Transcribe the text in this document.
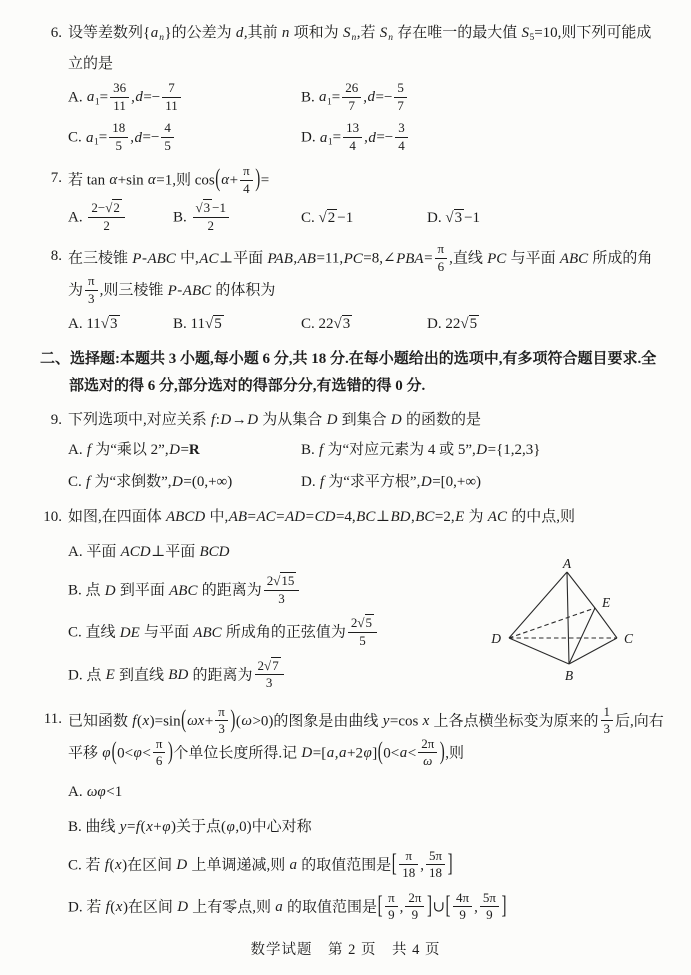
6. 设等差数列$\{a_n\}$的公差为 d,其前 n 项和为 $S_n$,若 $S_n$ 存在唯一的最大值 $S_5=10$,则下列可能成立的是
A. $a_1= \frac{36}{11} ,d=- \frac{7}{11}$	B. $a_1= \frac{26}{7} ,d=- \frac{5}{7}$
C. $a_1= \frac{18}{5} ,d=- \frac{4}{5}$	D. $a_1= \frac{13}{4} ,d=- \frac{3}{4}$
7. 若 tan α+sin α=1,则 $\cos(\alpha+ \frac{\pi}{4}$ )=
A. $\frac{2-√2}{2}$	B. $\frac{√3 -1}{2}$	C. √2 −1	D. √3 −1
8. 在三棱锥 P-ABC 中,AC⊥平面 PAB,AB=11,PC=8,∠PBA= $\frac{\pi}{6}$ ,直线 PC 与平面 ABC 所成的角为 $\frac{\pi}{3}$ ,则三棱锥 P-ABC 的体积为
A. 11√3	B. 11√5	C. 22√3	D. 22√5
二、选择题:本题共 3 小题,每小题 6 分,共 18 分.在每小题给出的选项中,有多项符合题目要求.全部选对的得 6 分,部分选对的得部分分,有选错的得 0 分.
9. 下列选项中,对应关系 f:D→D 为从集合 D 到集合 D 的函数的是
A. f 为“乘以 2”,D=R	B. f 为“对应元素为 4 或 5”,D={1,2,3}
C. f 为“求倒数”,D=(0,+∞)	D. f 为“求平方根”,D=[0,+∞)
10. 如图,在四面体 ABCD 中,AB=AC=AD=CD=4,BC⊥BD,BC=2,E 为 AC 的中点,则
A. 平面 ACD⊥平面 BCD
B. 点 D 到平面 ABC 的距离为 $\frac{2√15}{3}$
C. 直线 DE 与平面 ABC 所成角的正弦值为 $\frac{2√5}{5}$
D. 点 E 到直线 BD 的距离为 $\frac{2√7}{3}$
A
E
D	C
B
11. 已知函数 $f(x)=\sin(\omega x+ \frac{\pi}{3} )(\omega>0)$的图象是由曲线 y=cos x 上各点横坐标变为原来的 $\frac{1}{3}$ 后,向右平移 $\varphi(0<\varphi< \frac{\pi}{6}$ )个单位长度所得.记 $D=[a,a+2\varphi](0<a< \frac{2\pi}{\omega}$ ),则
A. ωφ<1
B. 曲线 y=f(x+φ)关于点(φ,0)中心对称
C. 若 f(x)在区间 D 上单调递减,则 a 的取值范围是[ $\frac{\pi}{18}$ , $\frac{5\pi}{18}$ ]
D. 若 f(x)在区间 D 上有零点,则 a 的取值范围是[ $\frac{\pi}{9}$ , $\frac{2\pi}{9}$ ]∪[ $\frac{4\pi}{9}$ , $\frac{5\pi}{9}$ ]
数学试题　第 2 页　共 4 页
